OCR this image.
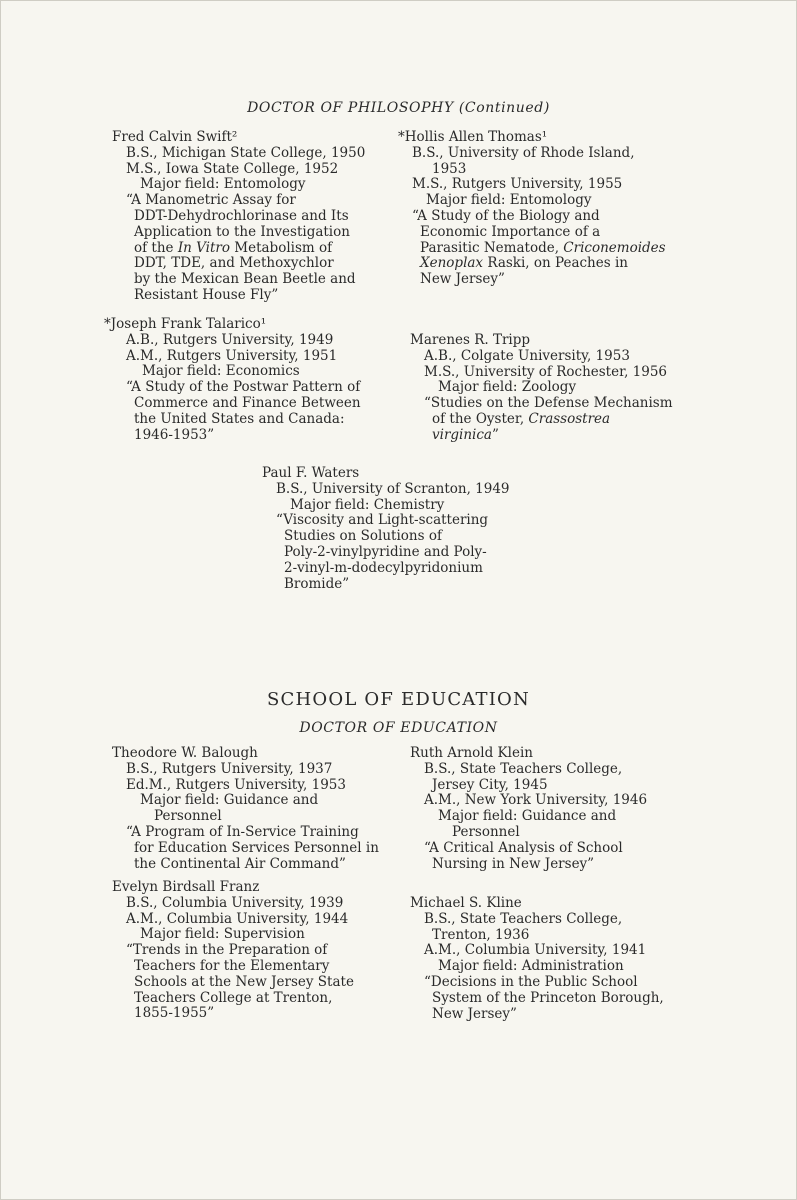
DOCTOR OF PHILOSOPHY (Continued)
Fred Calvin Swift²
B.S., Michigan State College, 1950
M.S., Iowa State College, 1952
Major field: Entomology
“A Manometric Assay for
DDT-Dehydrochlorinase and Its
Application to the Investigation
of the In Vitro Metabolism of
DDT, TDE, and Methoxychlor
by the Mexican Bean Beetle and
Resistant House Fly”
*Hollis Allen Thomas¹
B.S., University of Rhode Island,
1953
M.S., Rutgers University, 1955
Major field: Entomology
“A Study of the Biology and
Economic Importance of a
Parasitic Nematode, Criconemoides
Xenoplax Raski, on Peaches in
New Jersey”
*Joseph Frank Talarico¹
A.B., Rutgers University, 1949
A.M., Rutgers University, 1951
Major field: Economics
“A Study of the Postwar Pattern of
Commerce and Finance Between
the United States and Canada:
1946-1953”
Marenes R. Tripp
A.B., Colgate University, 1953
M.S., University of Rochester, 1956
Major field: Zoology
“Studies on the Defense Mechanism
of the Oyster, Crassostrea
virginica”
Paul F. Waters
B.S., University of Scranton, 1949
Major field: Chemistry
“Viscosity and Light-scattering
Studies on Solutions of
Poly-2-vinylpyridine and Poly-
2-vinyl-m-dodecylpyridonium
Bromide”
SCHOOL OF EDUCATION
DOCTOR OF EDUCATION
Theodore W. Balough
B.S., Rutgers University, 1937
Ed.M., Rutgers University, 1953
Major field: Guidance and
Personnel
“A Program of In-Service Training
for Education Services Personnel in
the Continental Air Command”
Ruth Arnold Klein
B.S., State Teachers College,
Jersey City, 1945
A.M., New York University, 1946
Major field: Guidance and
Personnel
“A Critical Analysis of School
Nursing in New Jersey”
Evelyn Birdsall Franz
B.S., Columbia University, 1939
A.M., Columbia University, 1944
Major field: Supervision
“Trends in the Preparation of
Teachers for the Elementary
Schools at the New Jersey State
Teachers College at Trenton,
1855-1955”
Michael S. Kline
B.S., State Teachers College,
Trenton, 1936
A.M., Columbia University, 1941
Major field: Administration
“Decisions in the Public School
System of the Princeton Borough,
New Jersey”
